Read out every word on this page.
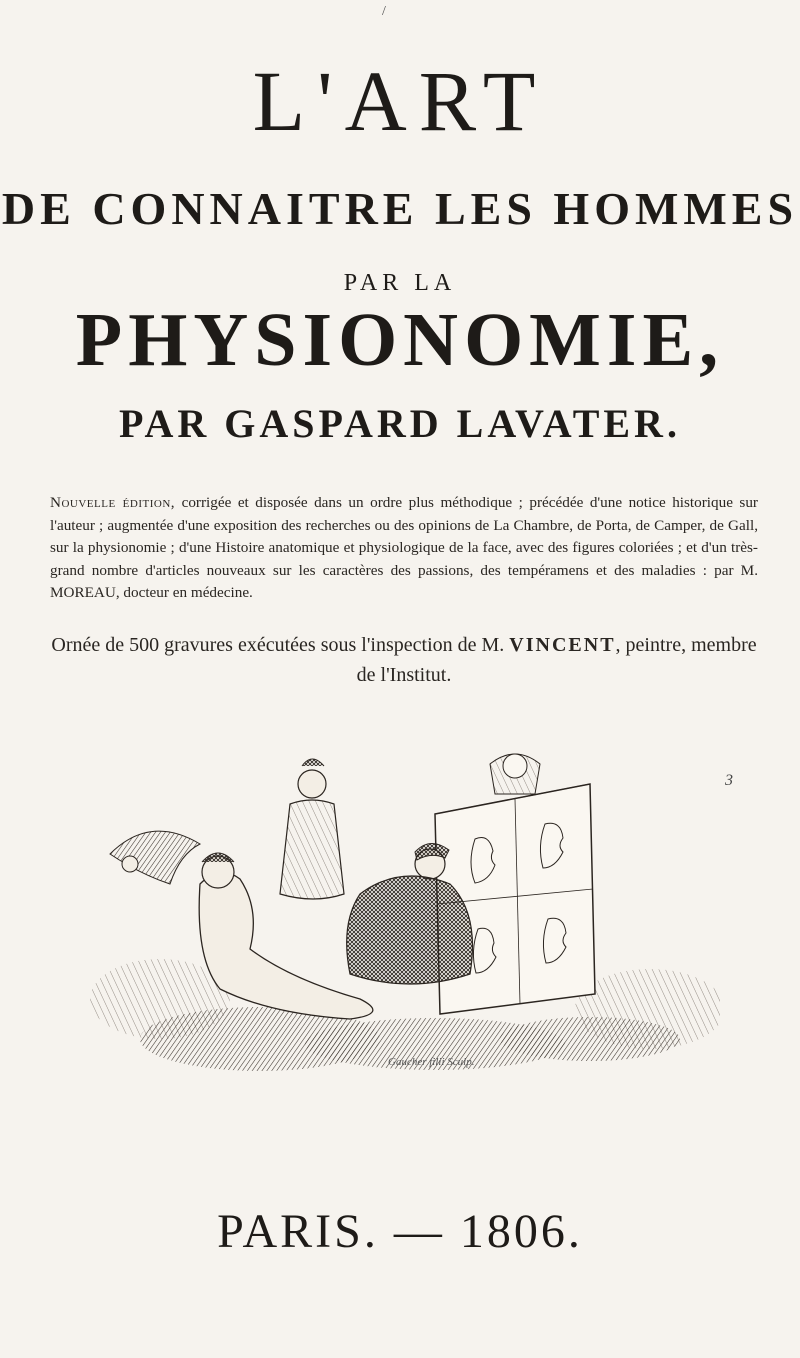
/
L'ART
DE CONNAITRE LES HOMMES
PAR LA
PHYSIONOMIE,
PAR GASPARD LAVATER.
Nouvelle édition, corrigée et disposée dans un ordre plus méthodique ; précédée d'une notice historique sur l'auteur ; augmentée d'une exposition des recherches ou des opinions de La Chambre, de Porta, de Camper, de Gall, sur la physionomie ; d'une Histoire anatomique et physiologique de la face, avec des figures coloriées ; et d'un très-grand nombre d'articles nouveaux sur les caractères des passions, des tempéramens et des maladies : par M. MOREAU, docteur en médecine.
Ornée de 500 gravures exécutées sous l'inspection de M. VINCENT, peintre, membre de l'Institut.
3
Gaucher filii Sculp.
PARIS. — 1806.
